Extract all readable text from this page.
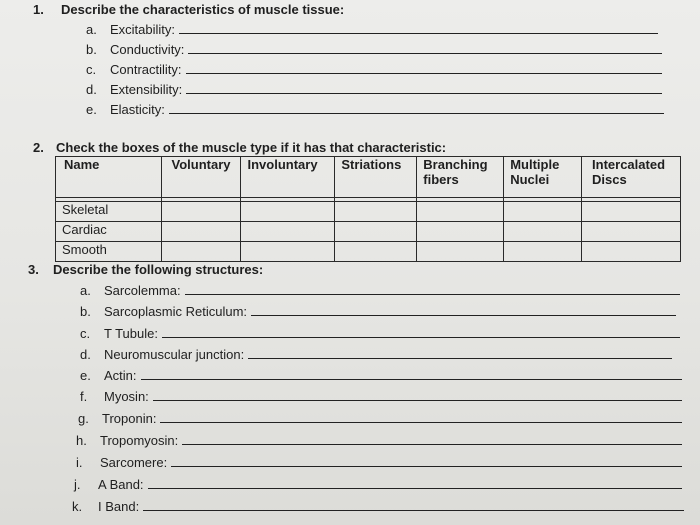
1. Describe the characteristics of muscle tissue:
a.	Excitability:
b.	Conductivity:
c.	Contractility:
d.	Extensibility:
e.	Elasticity:
2. Check the boxes of the muscle type if it has that characteristic:
Name	Voluntary	Involuntary	Striations	Branching fibers	Multiple Nuclei	Intercalated Discs

Skeletal						
Cardiac						
Smooth						
3. Describe the following structures:
a.	Sarcolemma:
b.	Sarcoplasmic Reticulum:
c.	T Tubule:
d.	Neuromuscular junction:
e.	Actin:
f.	Myosin:
g.	Troponin:
h.	Tropomyosin:
i.	Sarcomere:
j.	A Band:
k.	I Band:
